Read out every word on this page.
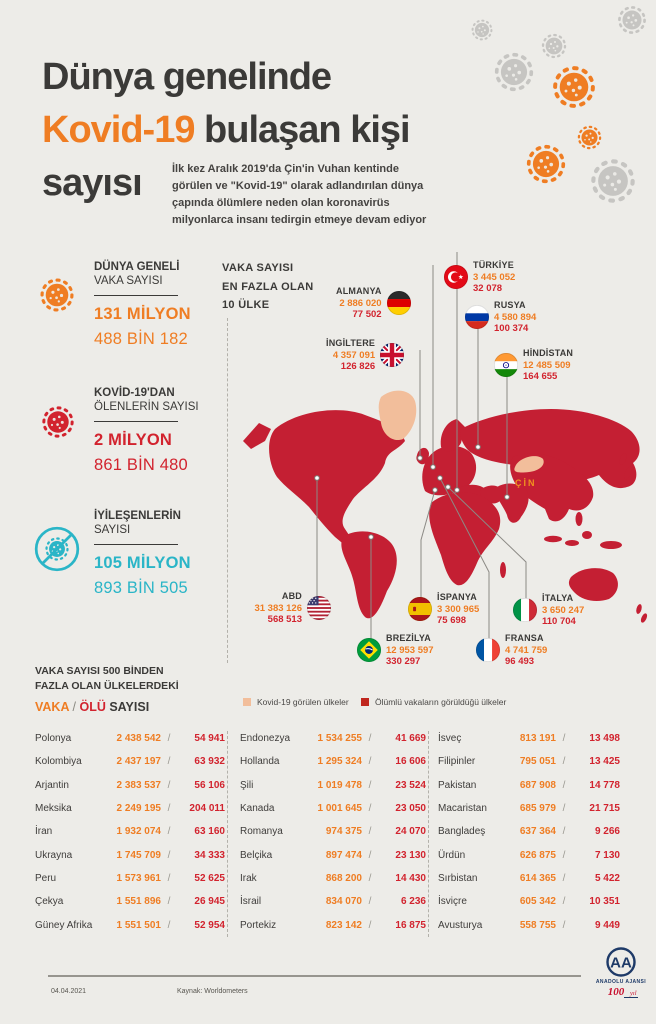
Dünya genelinde
Kovid-19 bulaşan kişi
sayısı	İlk kez Aralık 2019'da Çin'in Vuhan kentinde görülen ve "Kovid-19" olarak adlandırılan dünya çapında ölümlere neden olan koronavirüs milyonlarca insanı tedirgin etmeye devam ediyor

DÜNYA GENELİ
VAKA SAYISI
131 MİLYON
488 BİN 182
KOVİD-19'DAN
ÖLENLERİN SAYISI
2 MİLYON
861 BİN 480
İYİLEŞENLERİN
SAYISI
105 MİLYON
893 BİN 505
VAKA SAYISI
EN FAZLA OLAN
10 ÜLKE
ÇİN
ALMANYA
2 886 020
77 502
TÜRKİYE
3 445 052
32 078
RUSYA
4 580 894
100 374
İNGİLTERE
4 357 091
126 826
HİNDİSTAN
12 485 509
164 655
ABD
31 383 126
568 513
İSPANYA
3 300 965
75 698
İTALYA
3 650 247
110 704
BREZİLYA
12 953 597
330 297
FRANSA
4 741 759
96 493
Kovid-19 görülen ülkeler	Ölümlü vakaların görüldüğü ülkeler
VAKA SAYISI 500 BİNDEN
FAZLA OLAN ÜLKELERDEKİ
VAKA / ÖLÜ SAYISI
Polonya	2 438 542 /	54 941
Kolombiya	2 437 197 /	63 932
Arjantin	2 383 537 /	56 106
Meksika	2 249 195 /	204 011
İran	1 932 074 /	63 160
Ukrayna	1 745 709 /	34 333
Peru	1 573 961 /	52 625
Çekya	1 551 896 /	26 945
Güney Afrika	1 551 501 /	52 954
Endonezya	1 534 255 /	41 669
Hollanda	1 295 324 /	16 606
Şili	1 019 478 /	23 524
Kanada	1 001 645 /	23 050
Romanya	974 375 /	24 070
Belçika	897 474 /	23 130
Irak	868 200 /	14 430
İsrail	834 070 /	6 236
Portekiz	823 142 /	16 875
İsveç	813 191 /	13 498
Filipinler	795 051 /	13 425
Pakistan	687 908 /	14 778
Macaristan	685 979 /	21 715
Bangladeş	637 364 /	9 266
Ürdün	626 875 /	7 130
Sırbistan	614 365 /	5 422
İsviçre	605 342 /	10 351
Avusturya	558 755 /	9 449
04.04.2021	Kaynak: Worldometers
AA
ANADOLU AJANSI
100 yıl
